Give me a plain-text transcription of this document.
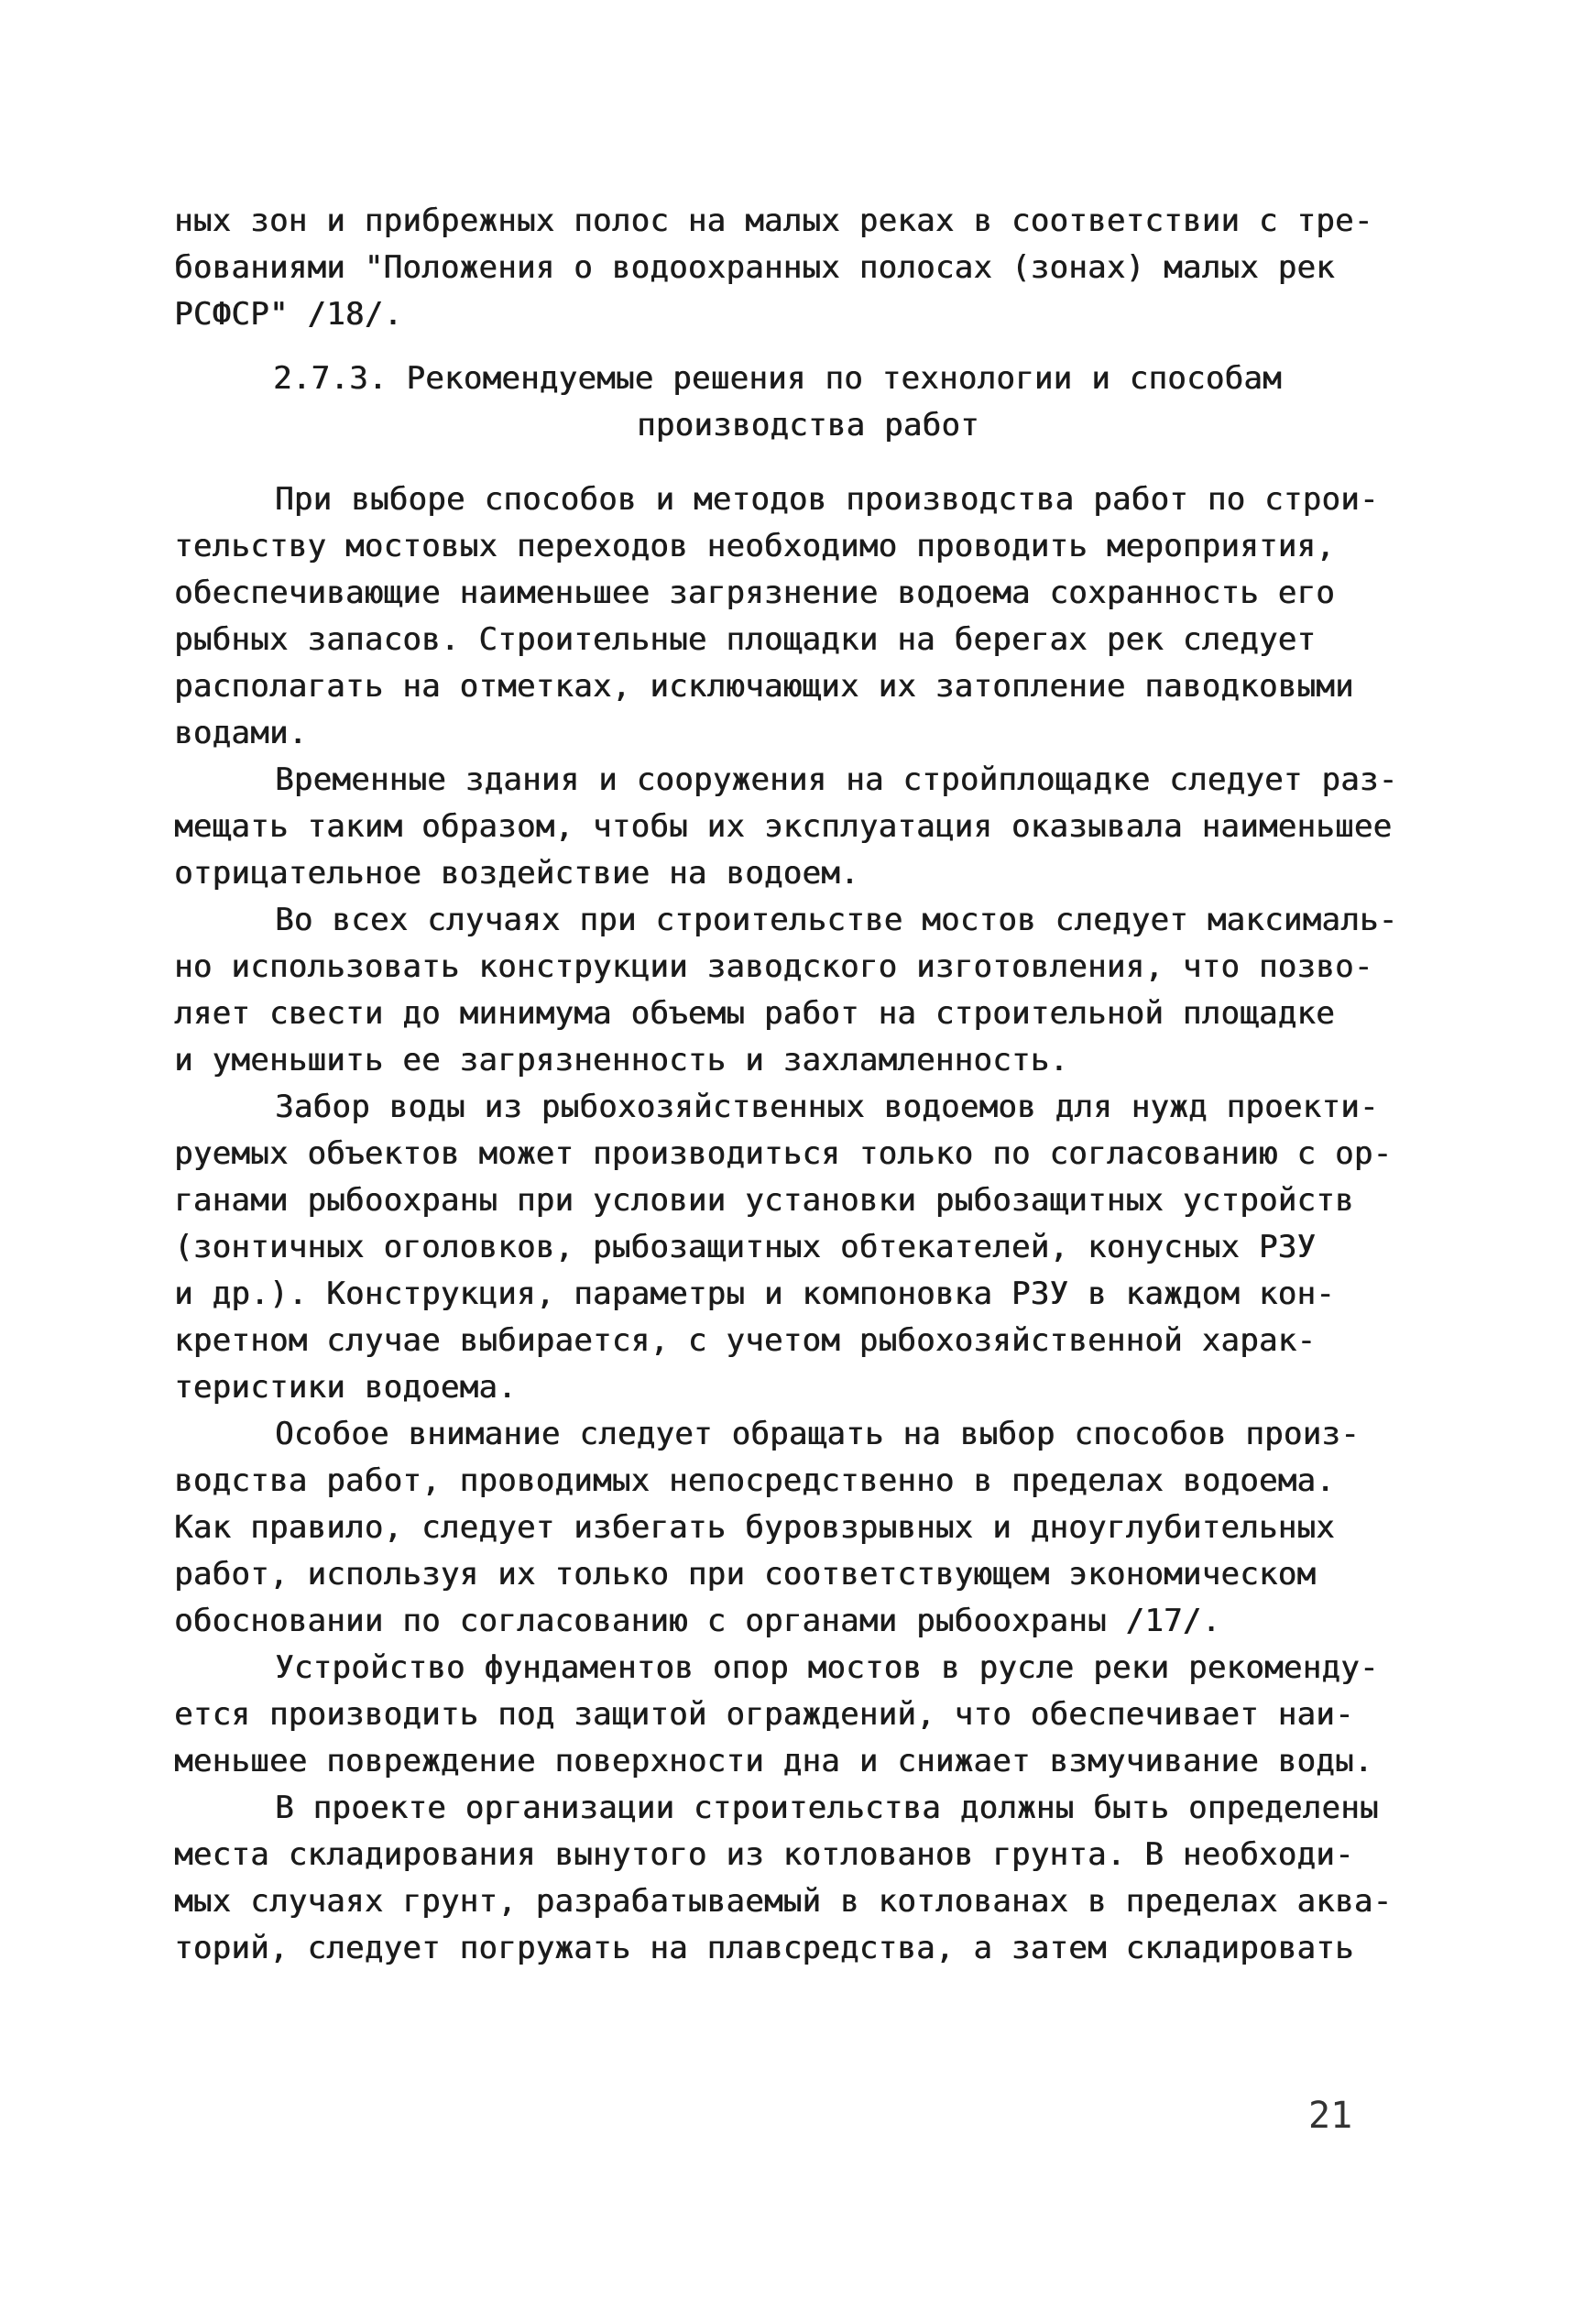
ных зон и прибрежных полос на малых реках в соответствии с тре-
бованиями "Положения о водоохранных полосах (зонах) малых рек
РСФСР" /18/.
2.7.3. Рекомендуемые решения по технологии и способам
производства работ
При выборе способов и методов производства работ по строи-
тельству мостовых переходов необходимо проводить мероприятия,
обеспечивающие наименьшее загрязнение водоема сохранность его
рыбных запасов. Строительные площадки на берегах рек следует
располагать на отметках, исключающих их затопление паводковыми
водами.
Временные здания и сооружения на стройплощадке следует раз-
мещать таким образом, чтобы их эксплуатация оказывала наименьшее
отрицательное воздействие на водоем.
Во всех случаях при строительстве мостов следует максималь-
но использовать конструкции заводского изготовления, что позво-
ляет свести до минимума объемы работ на строительной площадке
и уменьшить ее загрязненность и захламленность.
Забор воды из рыбохозяйственных водоемов для нужд проекти-
руемых объектов может производиться только по согласованию с ор-
ганами рыбоохраны при условии установки рыбозащитных устройств
(зонтичных оголовков, рыбозащитных обтекателей, конусных РЗУ
и др.). Конструкция, параметры и компоновка РЗУ в каждом кон-
кретном случае выбирается, с учетом рыбохозяйственной харак-
теристики водоема.
Особое внимание следует обращать на выбор способов произ-
водства работ, проводимых непосредственно в пределах водоема.
Как правило, следует избегать буровзрывных и дноуглубительных
работ, используя их только при соответствующем экономическом
обосновании по согласованию с органами рыбоохраны /17/.
Устройство фундаментов опор мостов в русле реки рекоменду-
ется производить под защитой ограждений, что обеспечивает наи-
меньшее повреждение поверхности дна и снижает взмучивание воды.
В проекте организации строительства должны быть определены
места складирования вынутого из котлованов грунта. В необходи-
мых случаях грунт, разрабатываемый в котлованах в пределах аква-
торий, следует погружать на плавсредства, а затем складировать
21
